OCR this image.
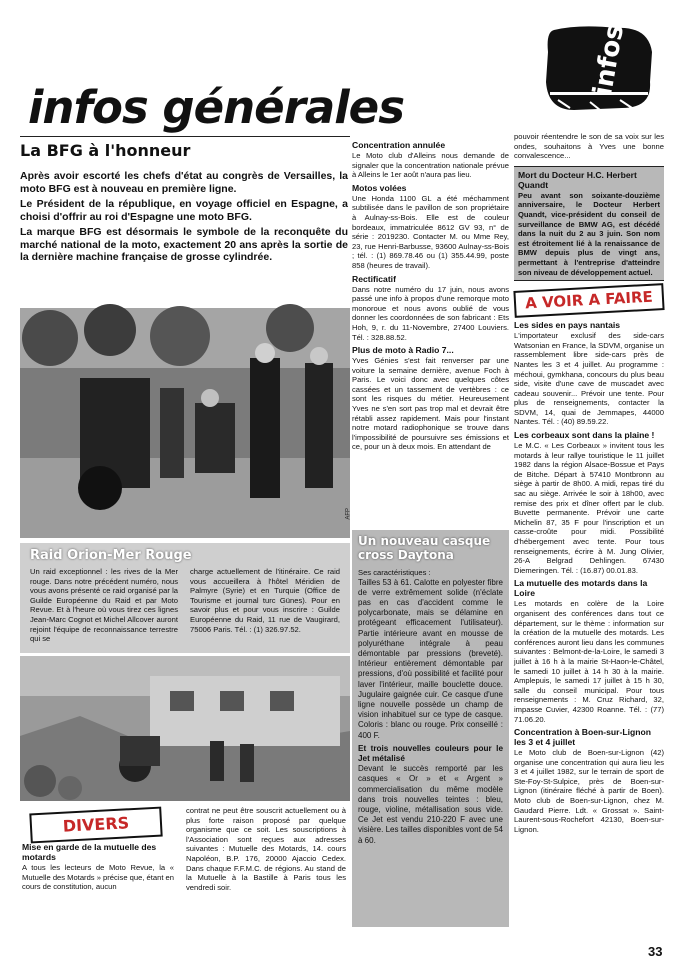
infos générales
infos
La BFG à l'honneur

Après avoir escorté les chefs d'état au congrès de Versailles, la moto BFG est à nouveau en première ligne.

Le Président de la république, en voyage officiel en Espagne, a choisi d'offrir au roi d'Espagne une moto BFG.

La marque BFG est désormais le symbole de la reconquête du marché national de la moto, exactement 20 ans après la sortie de la dernière machine française de grosse cylindrée.

AFP
Concentration annulée

Le Moto club d'Alleins nous demande de signaler que la concentration nationale prévue à Alleins le 1er août n'aura pas lieu.

Motos volées

Une Honda 1100 GL a été méchamment subtilisée dans le pavillon de son propriétaire à Aulnay-ss-Bois. Elle est de couleur bordeaux, immatriculée 8612 GV 93, n° de série : 2019230. Contacter M. ou Mme Rey, 23, rue Henri-Barbusse, 93600 Aulnay-ss-Bois ; tél. : (1) 869.78.46 ou (1) 355.44.99, poste 858 (heures de travail).

Rectificatif

Dans notre numéro du 17 juin, nous avons passé une info à propos d'une remorque moto monoroue et nous avons oublié de vous donner les coordonnées de son fabricant : Ets Hoh, 9, r. du 11-Novembre, 27400 Louviers. Tél. : 328.88.52.

Plus de moto à Radio 7...

Yves Génies s'est fait renverser par une voiture la semaine dernière, avenue Foch à Paris. Le voici donc avec quelques côtes cassées et un tassement de vertèbres : ce sont les risques du métier. Heureusement Yves ne s'en sort pas trop mal et devrait être rétabli assez rapidement. Mais pour l'instant notre motard radiophonique se trouve dans l'impossibilité de poursuivre ses émissions et ce, pour un à deux mois. En attendant de

pouvoir réentendre le son de sa voix sur les ondes, souhaitons à Yves une bonne convalescence...

Mort du Docteur H.C. Herbert Quandt

Peu avant son soixante-douzième anniversaire, le Docteur Herbert Quandt, vice-président du conseil de surveillance de BMW AG, est décédé dans la nuit du 2 au 3 juin. Son nom est étroitement lié à la renaissance de BMW depuis plus de vingt ans, permettant à l'entreprise d'atteindre son niveau de développement actuel.

A VOIR A FAIRE
Les sides en pays nantais

L'importateur exclusif des side-cars Watsonian en France, la SDVM, organise un rassemblement libre side-cars près de Nantes les 3 et 4 juillet. Au programme : méchoui, gymkhana, concours du plus beau side, visite d'une cave de muscadet avec cadeau souvenir... Prévoir une tente. Pour plus de renseignements, contacter la SDVM, 14, quai de Jemmapes, 44000 Nantes. Tél. : (40) 89.59.22.

Les corbeaux sont dans la plaine !

Le M.C. « Les Corbeaux » invitent tous les motards à leur rallye touristique le 11 juillet 1982 dans la région Alsace-Bossue et Pays de Bitche. Départ à 57410 Montbronn au siège à partir de 8h00. A midi, repas tiré du sac au siège. Arrivée le soir à 18h00, avec remise des prix et dîner offert par le club. Buvette permanente. Prévoir une carte Michelin 87, 35 F pour l'inscription et un casse-croûte pour midi. Possibilité d'hébergement avec tente. Pour tous renseignements, écrire à M. Jung Olivier, 26-A Belgrad Dehlingen. 67430 Diemeringen. Tél. : (16.87) 00.01.83.

La mutuelle des motards dans la Loire

Les motards en colère de la Loire organisent des conférences dans tout ce département, sur le thème : information sur la création de la mutuelle des motards. Les conférences auront lieu dans les communes suivantes : Belmont-de-la-Loire, le samedi 3 juillet à 16 h à la mairie St-Haon-le-Châtel, le samedi 10 juillet à 14 h 30 à la mairie. Amplepuis, le samedi 17 juillet à 15 h 30, salle du conseil municipal. Pour tous renseignements : M. Cruz Richard, 32, impasse Cuvier, 42300 Roanne. Tél. : (77) 71.06.20.

Concentration à Boen-sur-Lignon les 3 et 4 juillet

Le Moto club de Boen-sur-Lignon (42) organise une concentration qui aura lieu les 3 et 4 juillet 1982, sur le terrain de sport de Ste-Foy-St-Sulpice, près de Boen-sur-Lignon (itinéraire fléché à partir de Boen). Moto club de Boen-sur-Lignon, chez M. Gaudard Pierre. Ldt. « Grossat ». Saint-Laurent-sous-Rochefort 42130, Boen-sur-Lignon.

Raid Orion-Mer Rouge

Un raid exceptionnel : les rives de la Mer rouge. Dans notre précédent numéro, nous vous avons présenté ce raid organisé par la Guilde Européenne du Raid et par Moto Revue. Et à l'heure où vous tirez ces lignes Jean-Marc Cognot et Michel Allcover auront rejoint l'équipe de reconnaissance terrestre qui se

charge actuellement de l'itinéraire. Ce raid vous accueillera à l'hôtel Méridien de Palmyre (Syrie) et en Turquie (Office de Tourisme et journal turc Günes). Pour en savoir plus et pour vous inscrire : Guilde Européenne du Raid, 11 rue de Vaugirard, 75006 Paris. Tél. : (1) 326.97.52.

Un nouveau casque cross Daytona

Ses caractéristiques :

Tailles 53 à 61. Calotte en polyester fibre de verre extrêmement solide (n'éclate pas en cas d'accident comme le polycarbonate, mais se délamine en protégeant efficacement l'utilisateur). Partie intérieure avant en mousse de polyuréthane intégrale à peau démontable par pressions (breveté). Intérieur entièrement démontable par pressions, d'où possibilité et facilité pour laver l'intérieur, maille bouclette douce. Jugulaire gaignée cuir. Ce casque d'une ligne nouvelle possède un champ de vision inhabituel sur ce type de casque. Coloris : blanc ou rouge. Prix conseillé : 400 F.

Et trois nouvelles couleurs pour le Jet métalisé

Devant le succès remporté par les casques « Or » et « Argent » commercialisation du même modèle dans trois nouvelles teintes : bleu, rouge, violine, métallisation sous vide. Ce Jet est vendu 210-220 F avec une visière. Les tailles disponibles vont de 54 à 60.

DIVERS
Mise en garde de la mutuelle des motards

A tous les lecteurs de Moto Revue, la « Mutuelle des Motards » précise que, étant en cours de constitution, aucun

contrat ne peut être souscrit actuellement ou à plus forte raison proposé par quelque organisme que ce soit. Les souscriptions à l'Association sont reçues aux adresses suivantes : Mutuelle des Motards, 14. cours Napoléon, B.P. 176, 20000 Ajaccio Cedex. Dans chaque F.F.M.C. de régions. Au stand de la Mutuelle à la Bastille à Paris tous les vendredi soir.

33
